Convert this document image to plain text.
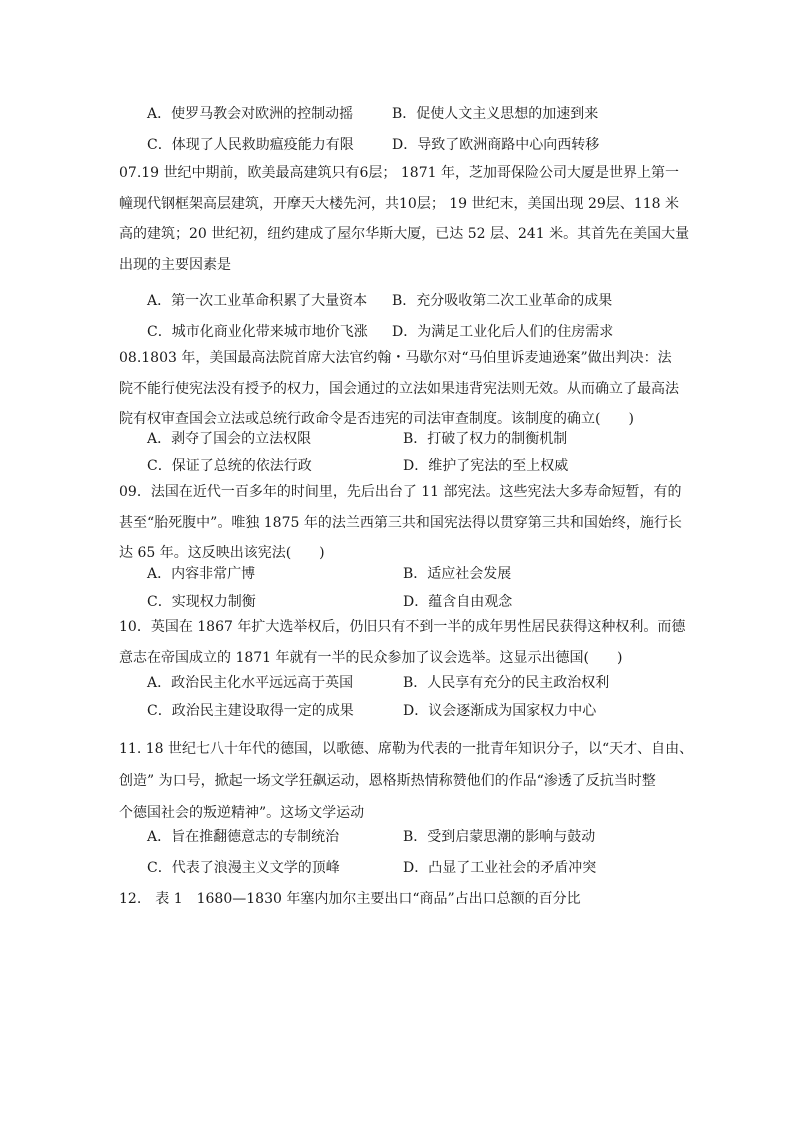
A．使罗马教会对欧洲的控制动摇	B．促使人文主义思想的加速到来
C．体现了人民救助瘟疫能力有限	D．导致了欧洲商路中心向西转移
07.19 世纪中期前，欧美最高建筑只有6层； 1871 年，芝加哥保险公司大厦是世界上第一
幢现代钢框架高层建筑，开摩天大楼先河，共10层； 19 世纪末，美国出现 29层、118 米
高的建筑；20 世纪初，纽约建成了屋尔华斯大厦，已达 52 层、241 米。其首先在美国大量
出现的主要因素是
A．第一次工业革命积累了大量资本 B．充分吸收第二次工业革命的成果
C．城市化商业化带来城市地价飞涨 D．为满足工业化后人们的住房需求
08.1803 年，美国最高法院首席大法官约翰・马歇尔对“马伯里诉麦迪逊案”做出判决：法
院不能行使宪法没有授予的权力，国会通过的立法如果违背宪法则无效。从而确立了最高法
院有权审查国会立法或总统行政命令是否违宪的司法审查制度。该制度的确立(　　)
A．剥夺了国会的立法权限	B．打破了权力的制衡机制
C．保证了总统的依法行政	D．维护了宪法的至上权威
09．法国在近代一百多年的时间里，先后出台了 11 部宪法。这些宪法大多寿命短暂，有的
甚至“胎死腹中”。唯独 1875 年的法兰西第三共和国宪法得以贯穿第三共和国始终，施行长
达 65 年。这反映出该宪法(　　)
A．内容非常广博	B．适应社会发展
C．实现权力制衡	D．蕴含自由观念
10．英国在 1867 年扩大选举权后，仍旧只有不到一半的成年男性居民获得这种权利。而德
意志在帝国成立的 1871 年就有一半的民众参加了议会选举。这显示出德国(　　)
A．政治民主化水平远远高于英国	B．人民享有充分的民主政治权利
C．政治民主建设取得一定的成果	D．议会逐渐成为国家权力中心
11. 18 世纪七八十年代的德国，以歌德、席勒为代表的一批青年知识分子，以“天才、自由、
创造” 为口号，掀起一场文学狂飙运动，恩格斯热情称赞他们的作品“渗透了反抗当时整
个德国社会的叛逆精神”。这场文学运动
A．旨在推翻德意志的专制统治	B．受到启蒙思潮的影响与鼓动
C．代表了浪漫主义文学的顶峰	D．凸显了工业社会的矛盾冲突
12.　表 1　1680—1830 年塞内加尔主要出口“商品”占出口总额的百分比
